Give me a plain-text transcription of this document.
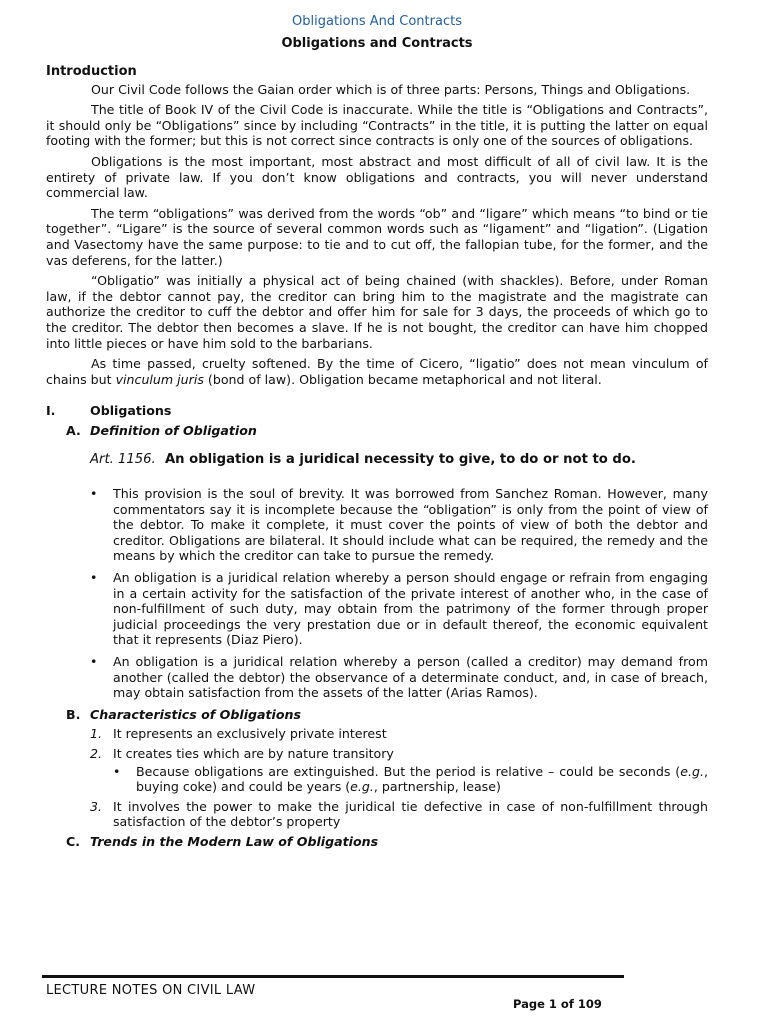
Obligations And Contracts
Obligations and Contracts
Introduction

Our Civil Code follows the Gaian order which is of three parts: Persons, Things and Obligations.

The title of Book IV of the Civil Code is inaccurate. While the title is “Obligations and Contracts”, it should only be “Obligations” since by including “Contracts” in the title, it is putting the latter on equal footing with the former; but this is not correct since contracts is only one of the sources of obligations.

Obligations is the most important, most abstract and most difficult of all of civil law. It is the entirety of private law. If you don’t know obligations and contracts, you will never understand commercial law.

The term “obligations” was derived from the words “ob” and “ligare” which means “to bind or tie together”. “Ligare” is the source of several common words such as “ligament” and “ligation”. (Ligation and Vasectomy have the same purpose: to tie and to cut off, the fallopian tube, for the former, and the vas deferens, for the latter.)

“Obligatio” was initially a physical act of being chained (with shackles). Before, under Roman law, if the debtor cannot pay, the creditor can bring him to the magistrate and the magistrate can authorize the creditor to cuff the debtor and offer him for sale for 3 days, the proceeds of which go to the creditor. The debtor then becomes a slave. If he is not bought, the creditor can have him chopped into little pieces or have him sold to the barbarians.

As time passed, cruelty softened. By the time of Cicero, “ligatio” does not mean vinculum of chains but vinculum juris (bond of law). Obligation became metaphorical and not literal.

I.	Obligations
A. Definition of Obligation
Art. 1156. An obligation is a juridical necessity to give, to do or not to do.
• This provision is the soul of brevity. It was borrowed from Sanchez Roman. However, many commentators say it is incomplete because the “obligation” is only from the point of view of the debtor. To make it complete, it must cover the points of view of both the debtor and creditor. Obligations are bilateral. It should include what can be required, the remedy and the means by which the creditor can take to pursue the remedy.
• An obligation is a juridical relation whereby a person should engage or refrain from engaging in a certain activity for the satisfaction of the private interest of another who, in the case of non-fulfillment of such duty, may obtain from the patrimony of the former through proper judicial proceedings the very prestation due or in default thereof, the economic equivalent that it represents (Diaz Piero).
• An obligation is a juridical relation whereby a person (called a creditor) may demand from another (called the debtor) the observance of a determinate conduct, and, in case of breach, may obtain satisfaction from the assets of the latter (Arias Ramos).
B. Characteristics of Obligations
1. It represents an exclusively private interest
2. It creates ties which are by nature transitory
• Because obligations are extinguished. But the period is relative – could be seconds (e.g., buying coke) and could be years (e.g., partnership, lease)
3. It involves the power to make the juridical tie defective in case of non-fulfillment through satisfaction of the debtor’s property
C. Trends in the Modern Law of Obligations
LECTURE NOTES ON CIVIL LAW
Page 1 of 109
